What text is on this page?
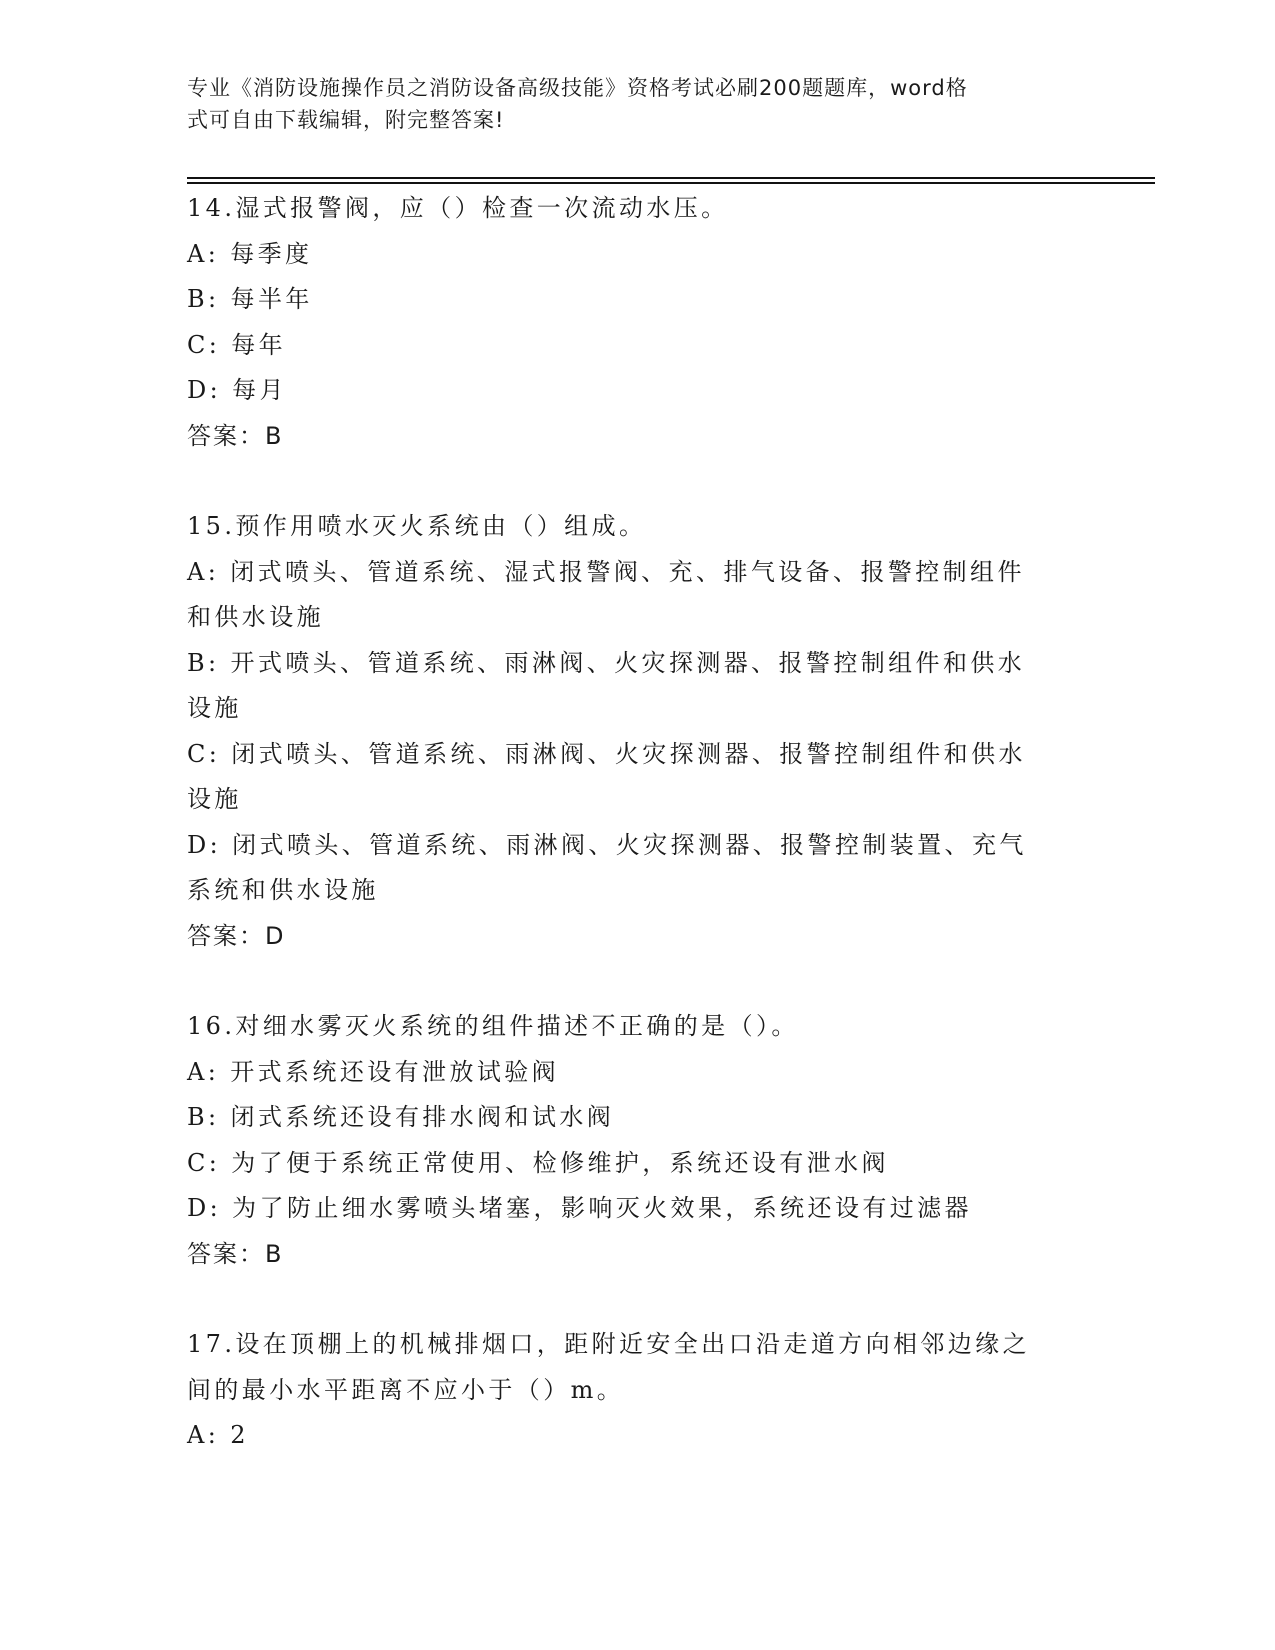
专业《消防设施操作员之消防设备高级技能》资格考试必刷200题题库，word格
式可自由下载编辑，附完整答案!
14.湿式报警阀，应（）检查一次流动水压。
A: 每季度
B: 每半年
C: 每年
D: 每月
答案：B
15.预作用喷水灭火系统由（）组成。
A: 闭式喷头、管道系统、湿式报警阀、充、排气设备、报警控制组件
和供水设施
B: 开式喷头、管道系统、雨淋阀、火灾探测器、报警控制组件和供水
设施
C: 闭式喷头、管道系统、雨淋阀、火灾探测器、报警控制组件和供水
设施
D: 闭式喷头、管道系统、雨淋阀、火灾探测器、报警控制装置、充气
系统和供水设施
答案：D
16.对细水雾灭火系统的组件描述不正确的是（）。
A: 开式系统还设有泄放试验阀
B: 闭式系统还设有排水阀和试水阀
C: 为了便于系统正常使用、检修维护，系统还设有泄水阀
D: 为了防止细水雾喷头堵塞，影响灭火效果，系统还设有过滤器
答案：B
17.设在顶棚上的机械排烟口，距附近安全出口沿走道方向相邻边缘之
间的最小水平距离不应小于（）m。
A: 2
